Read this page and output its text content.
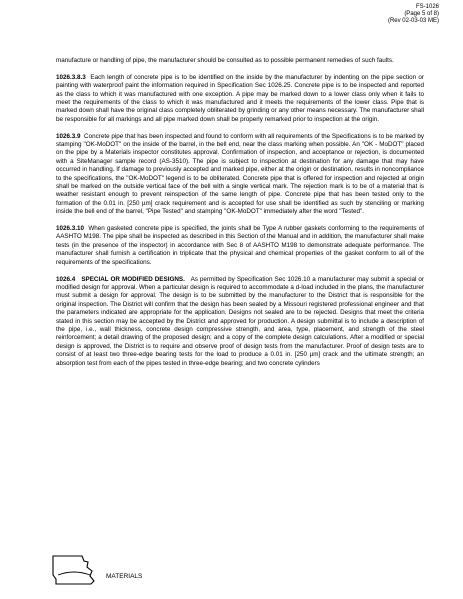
FS-1026
(Page 5 of 8)
(Rev 02-03-03 ME)

manufacture or handling of pipe, the manufacturer should be consulted as to possible permanent remedies of such faults.

1026.3.8.3 Each length of concrete pipe is to be identified on the inside by the manufacturer by indenting on the pipe section or painting with waterproof paint the information required in Specification Sec 1026.25. Concrete pipe is to be inspected and reported as the class to which it was manufactured with one exception. A pipe may be marked down to a lower class only when it fails to meet the requirements of the class to which it was manufactured and it meets the requirements of the lower class. Pipe that is marked down shall have the original class completely obliterated by grinding or any other means necessary. The manufacturer shall be responsible for all markings and all pipe marked down shall be properly remarked prior to inspection at the origin.

1026.3.9 Concrete pipe that has been inspected and found to conform with all requirements of the Specifications is to be marked by stamping "OK-MoDOT" on the inside of the barrel, in the bell end, near the class marking when possible. An "OK - MoDOT" placed on the pipe by a Materials inspector constitutes approval. Confirmation of inspection, and acceptance or rejection, is documented with a SiteManager sample record (AS-3510). The pipe is subject to inspection at destination for any damage that may have occurred in handling. If damage to previously accepted and marked pipe, either at the origin or destination, results in noncompliance to the specifications, the "OK-MoDOT" legend is to be obliterated. Concrete pipe that is offered for inspection and rejected at origin shall be marked on the outside vertical face of the bell with a single vertical mark. The rejection mark is to be of a material that is weather resistant enough to prevent reinspection of the same length of pipe. Concrete pipe that has been tested only to the formation of the 0.01 in. [250 µm] crack requirement and is accepted for use shall be identified as such by stenciling or marking inside the bell end of the barrel, "Pipe Tested" and stamping "OK-MoDOT" immediately after the word "Tested".

1026.3.10 When gasketed concrete pipe is specified, the joints shall be Type A rubber gaskets conforming to the requirements of AASHTO M198. The pipe shall be inspected as described in this Section of the Manual and in addition, the manufacturer shall make tests (in the presence of the inspector) in accordance with Sec 8 of AASHTO M198 to demonstrate adequate performance. The manufacturer shall furnish a certification in triplicate that the physical and chemical properties of the gasket conform to all of the requirements of the specifications.

1026.4 SPECIAL OR MODIFIED DESIGNS. As permitted by Specification Sec 1026.10 a manufacturer may submit a special or modified design for approval. When a particular design is required to accommodate a d-load included in the plans, the manufacturer must submit a design for approval. The design is to be submitted by the manufacturer to the District that is responsible for the original inspection. The District will confirm that the design has been sealed by a Missouri registered professional engineer and that the parameters indicated are appropriate for the application. Designs not sealed are to be rejected. Designs that meet the criteria stated in this section may be accepted by the District and approved for production. A design submittal is to include a description of the pipe, i.e., wall thickness, concrete design compressive strength, and area, type, placement, and strength of the steel reinforcement; a detail drawing of the proposed design; and a copy of the complete design calculations. After a modified or special design is approved, the District is to require and observe proof of design tests from the manufacturer. Proof of design tests are to consist of at least two three-edge bearing tests for the load to produce a 0.01 in. [250 µm] crack and the ultimate strength; an absorption test from each of the pipes tested in three-edge bearing; and two concrete cylinders

MATERIALS
